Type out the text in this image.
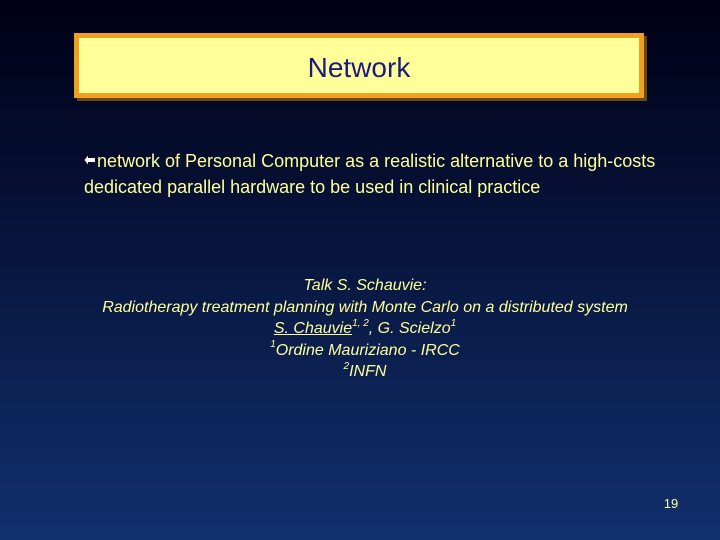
Network

network of Personal Computer as a realistic alternative to a high-costs dedicated parallel hardware to be used in clinical practice

Talk S. Schauvie:
Radiotherapy treatment planning with Monte Carlo on a distributed system
S. Chauvie$^{1, 2}$, G. Scielzo$^1$
$^1$Ordine Mauriziano - IRCC
$^2$INFN
19
